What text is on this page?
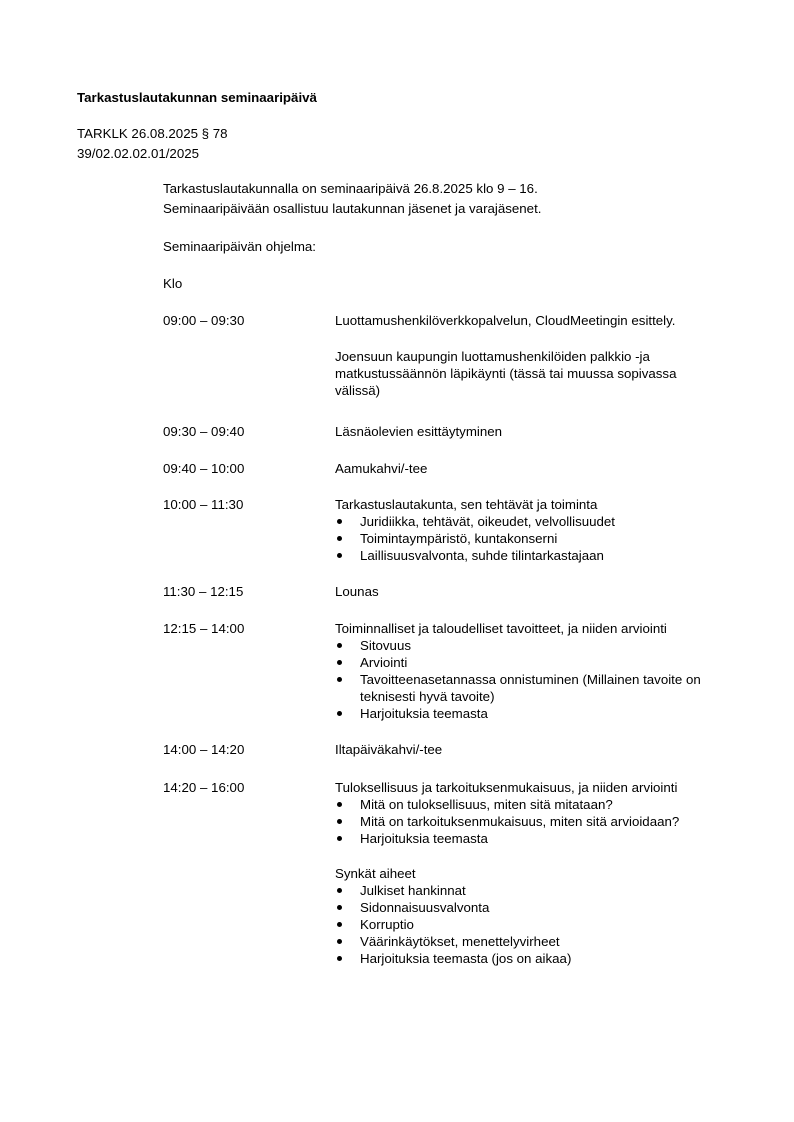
Tarkastuslautakunnan seminaaripäivä
TARKLK 26.08.2025 § 78
39/02.02.02.01/2025
Tarkastuslautakunnalla on seminaaripäivä 26.8.2025 klo 9 – 16.
Seminaaripäivään osallistuu lautakunnan jäsenet ja varajäsenet.
Seminaaripäivän ohjelma:
Klo
09:00 – 09:30	Luottamushenkilöverkkopalvelun, CloudMeetingin esittely.

Joensuun kaupungin luottamushenkilöiden palkkio -ja matkustussäännön läpikäynti (tässä tai muussa sopivassa välissä)

09:30 – 09:40	Läsnäolevien esittäytyminen

09:40 – 10:00	Aamukahvi/-tee

10:00 – 11:30	Tarkastuslautakunta, sen tehtävät ja toiminta

Juridiikka, tehtävät, oikeudet, velvollisuudet
Toimintaympäristö, kuntakonserni
Laillisuusvalvonta, suhde tilintarkastajaan
11:30 – 12:15	Lounas

12:15 – 14:00	Toiminnalliset ja taloudelliset tavoitteet, ja niiden arviointi

Sitovuus
Arviointi
Tavoitteenasetannassa onnistuminen (Millainen tavoite on teknisesti hyvä tavoite)
Harjoituksia teemasta
14:00 – 14:20	Iltapäiväkahvi/-tee

14:20 – 16:00	Tuloksellisuus ja tarkoituksenmukaisuus, ja niiden arviointi

Mitä on tuloksellisuus, miten sitä mitataan?
Mitä on tarkoituksenmukaisuus, miten sitä arvioidaan?
Harjoituksia teemasta

Synkät aiheet

Julkiset hankinnat
Sidonnaisuusvalvonta
Korruptio
Väärinkäytökset, menettelyvirheet
Harjoituksia teemasta (jos on aikaa)
